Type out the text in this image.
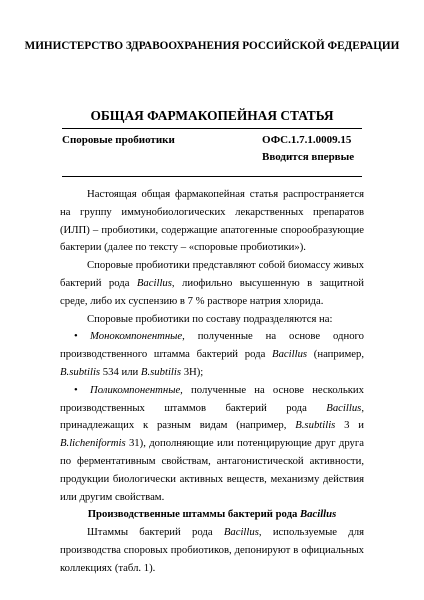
МИНИСТЕРСТВО ЗДРАВООХРАНЕНИЯ РОССИЙСКОЙ ФЕДЕРАЦИИ
ОБЩАЯ ФАРМАКОПЕЙНАЯ СТАТЬЯ
Споровые пробиотики	ОФС.1.7.1.0009.15
Вводится впервые

Настоящая общая фармакопейная статья распространяется на группу иммунобиологических лекарственных препаратов (ИЛП) – пробиотики, содержащие апатогенные спорообразующие бактерии (далее по тексту – «споровые пробиотики»).

Споровые пробиотики представляют собой биомассу живых бактерий рода Bacillus, лиофильно высушенную в защитной среде, либо их суспензию в 7 % растворе натрия хлорида.

Споровые пробиотики по составу подразделяются на:

• Монокомпонентные, полученные на основе одного производственного штамма бактерий рода Bacillus (например, B.subtilis 534 или B.subtilis 3Н);

• Поликомпонентные, полученные на основе нескольких производственных штаммов бактерий рода Bacillus, принадлежащих к разным видам (например, B.subtilis 3 и B.licheniformis 31), дополняющие или потенцирующие друг друга по ферментативным свойствам, антагонистической активности, продукции биологически активных веществ, механизму действия или другим свойствам.

Производственные штаммы бактерий рода Bacillus

Штаммы бактерий рода Bacillus, используемые для производства споровых пробиотиков, депонируют в официальных коллекциях (табл. 1).
